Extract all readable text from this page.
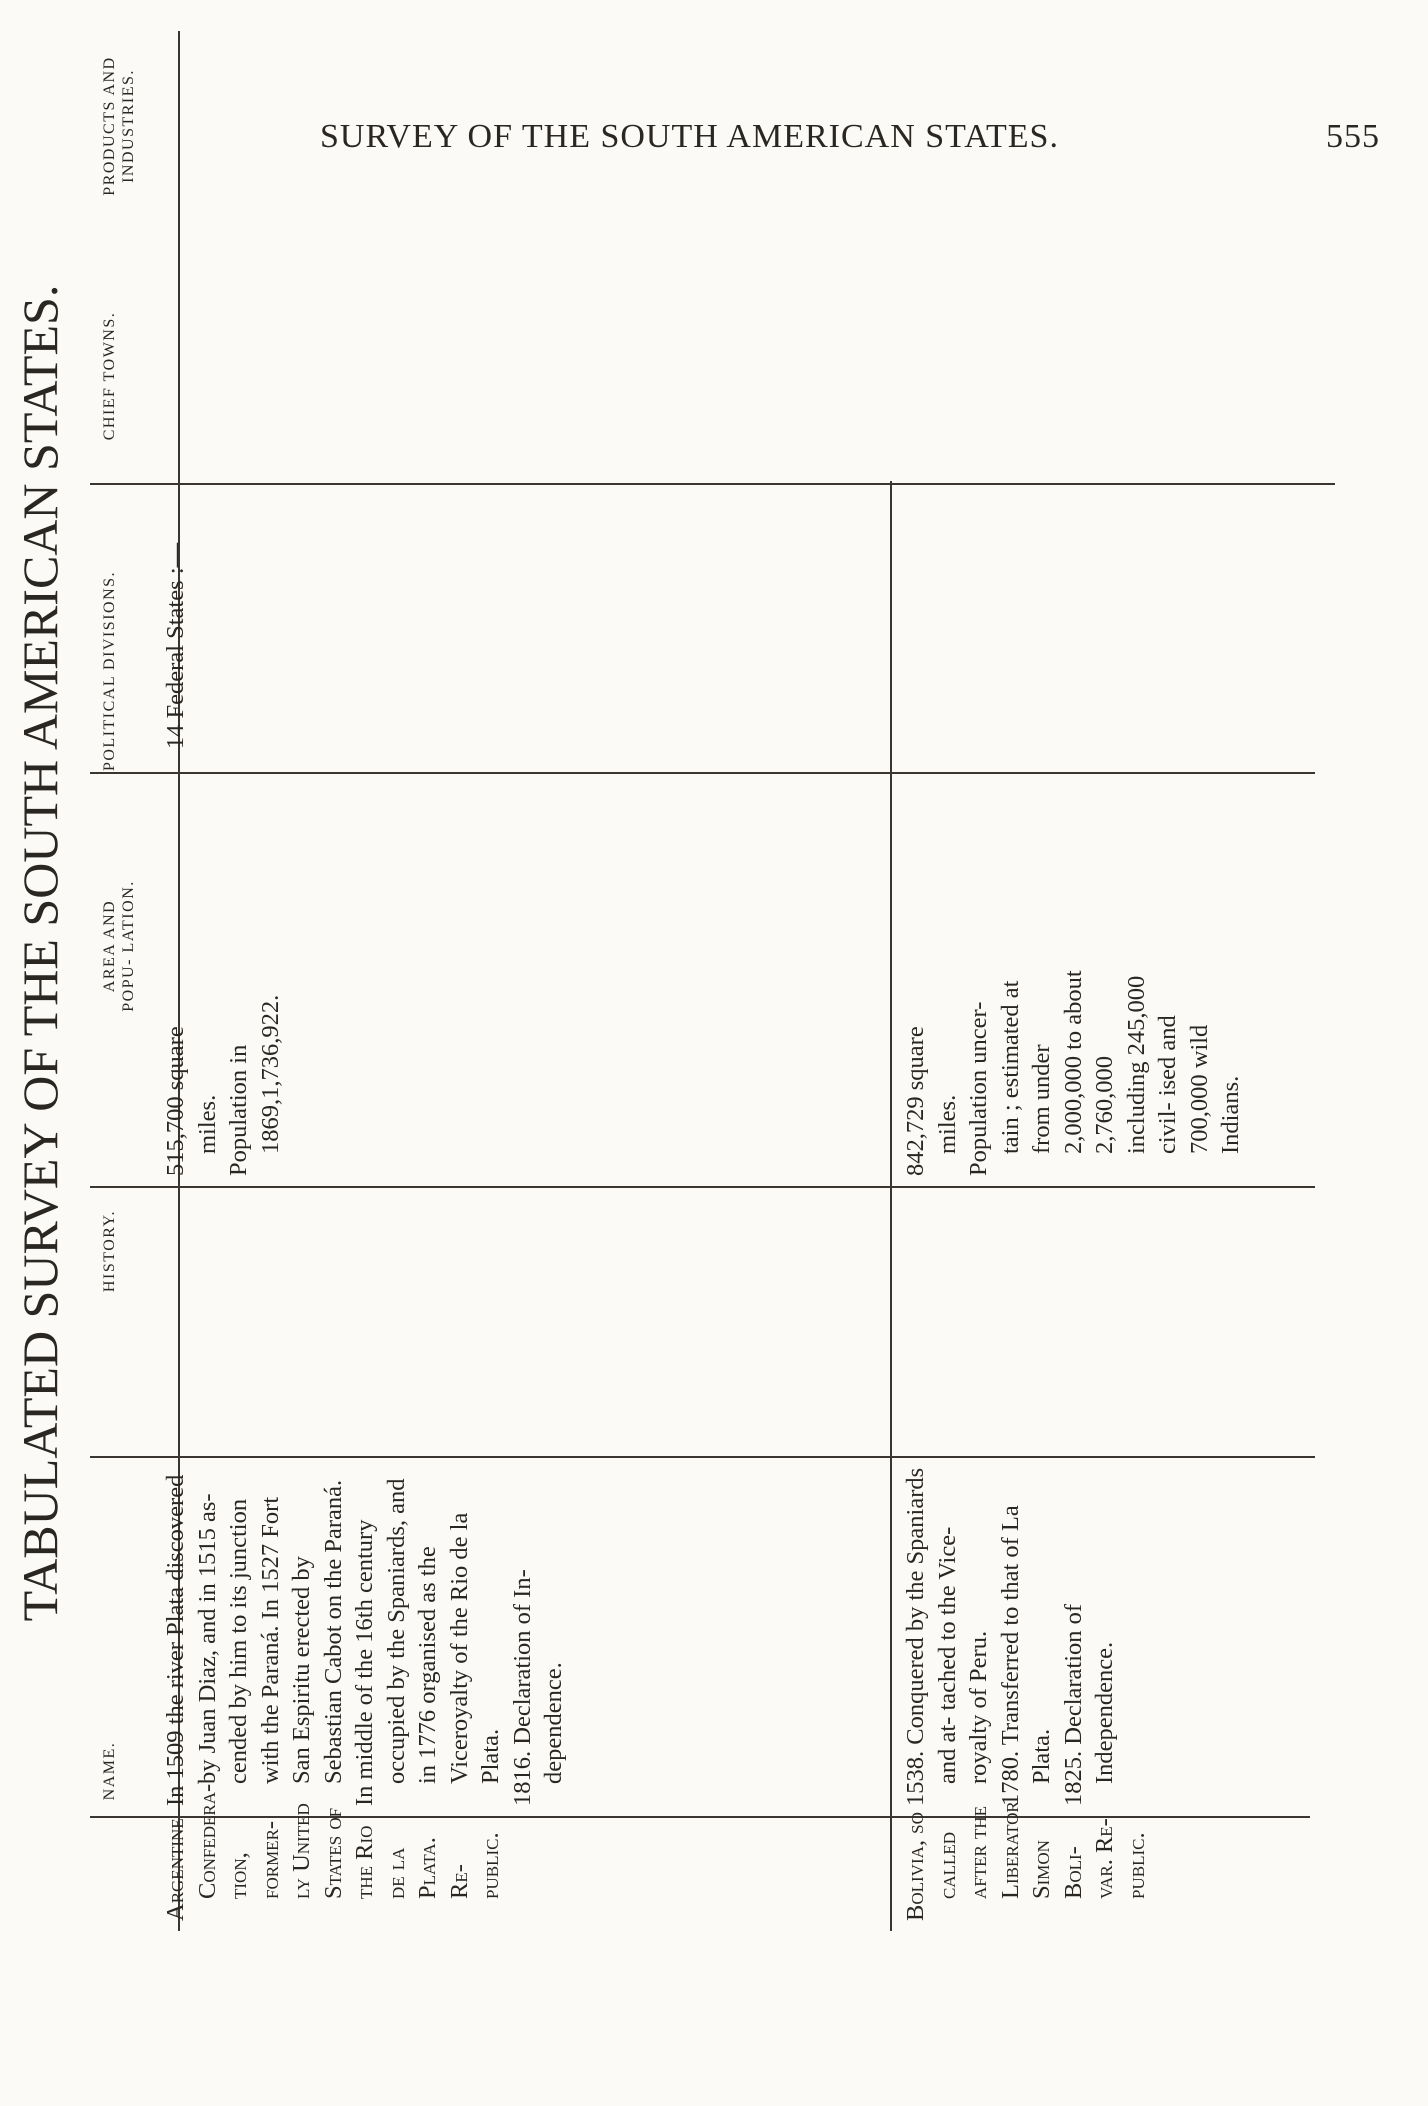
SURVEY OF THE SOUTH AMERICAN STATES.	555
TABULATED SURVEY OF THE SOUTH AMERICAN STATES.
NAME.
HISTORY.
AREA AND POPU- LATION.
POLITICAL DIVISIONS.
CHIEF TOWNS.
PRODUCTS AND INDUSTRIES.

Argentine Confedera- tion, former- ly United States of the Rio de la Plata. Re- public.

In 1509 the river Plata discovered by Juan Diaz, and in 1515 as- cended by him to its junction with the Paraná. In 1527 Fort San Espiritu erected by Sebastian Cabot on the Paraná. In middle of the 16th century occupied by the Spaniards, and in 1776 organised as the Viceroyalty of the Rio de la Plata. 1816. Declaration of In- dependence.

515,700 square miles. Population in 1869,1,736,922.

14 Federal States :—

Bolivia, so called after the Liberator Simon Boli- var. Re- public.

1538. Conquered by the Spaniards and at- tached to the Vice- royalty of Peru. 1780. Transferred to that of La Plata. 1825. Declaration of Independence.

842,729 square miles. Population uncer- tain ; estimated at from under 2,000,000 to about 2,760,000 including 245,000 civil- ised and 700,000 wild Indians.
